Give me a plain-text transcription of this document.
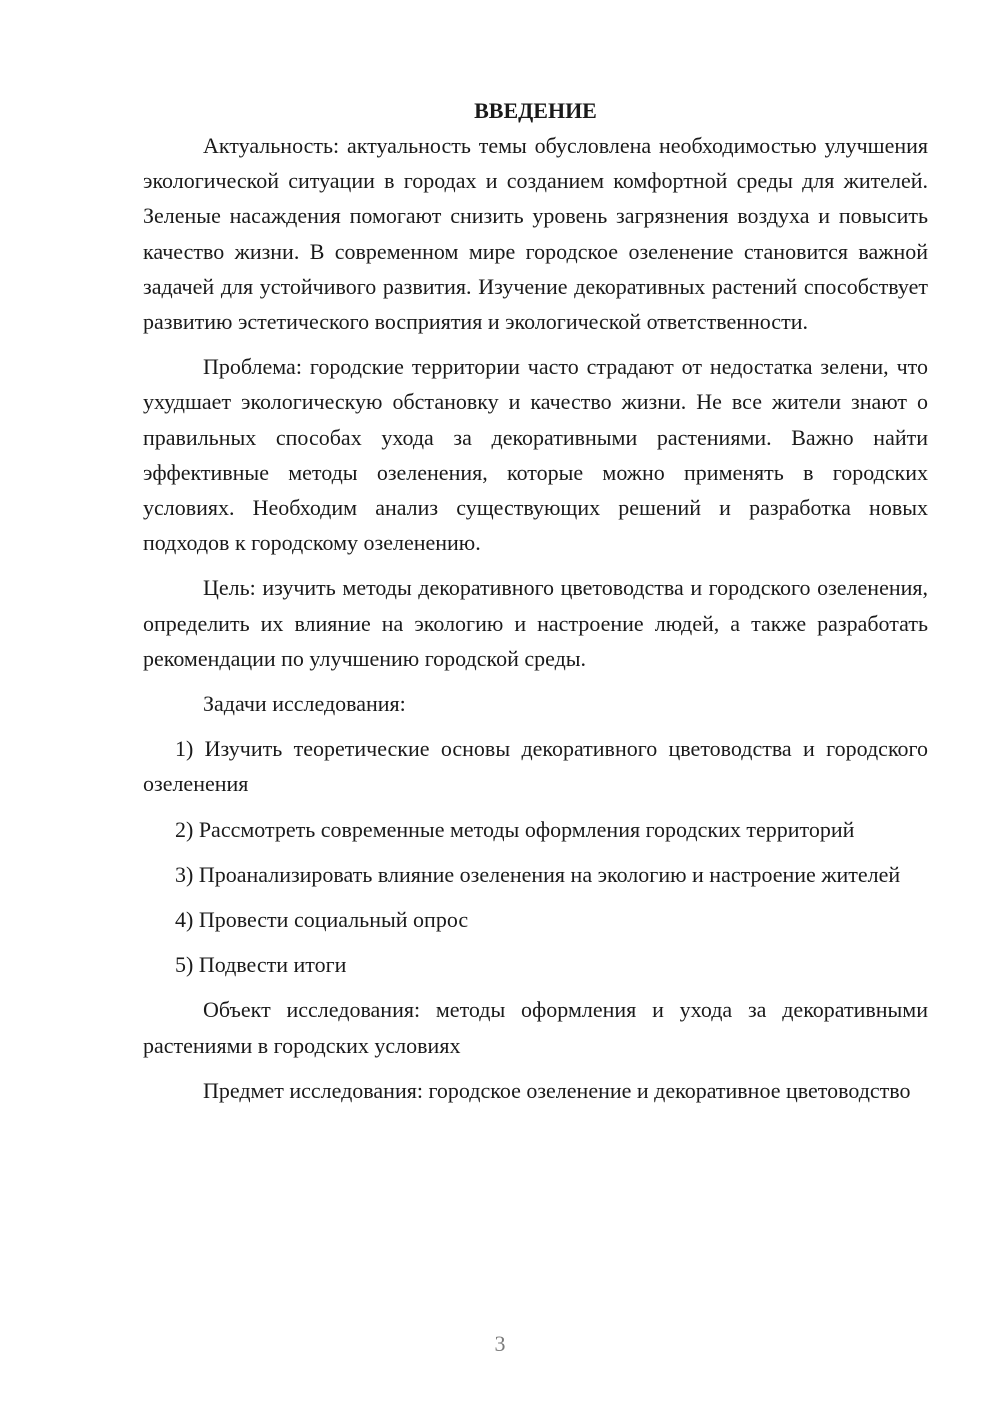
ВВЕДЕНИЕ

Актуальность: актуальность темы обусловлена необходимостью улучшения экологической ситуации в городах и созданием комфортной среды для жителей. Зеленые насаждения помогают снизить уровень загрязнения воздуха и повысить качество жизни. В современном мире городское озеленение становится важной задачей для устойчивого развития. Изучение декоративных растений способствует развитию эстетического восприятия и экологической ответственности.

Проблема: городские территории часто страдают от недостатка зелени, что ухудшает экологическую обстановку и качество жизни. Не все жители знают о правильных способах ухода за декоративными растениями. Важно найти эффективные методы озеленения, которые можно применять в городских условиях. Необходим анализ существующих решений и разработка новых подходов к городскому озеленению.

Цель: изучить методы декоративного цветоводства и городского озеленения, определить их влияние на экологию и настроение людей, а также разработать рекомендации по улучшению городской среды.

Задачи исследования:

1) Изучить теоретические основы декоративного цветоводства и городского озеленения

2) Рассмотреть современные методы оформления городских территорий

3) Проанализировать влияние озеленения на экологию и настроение жителей

4) Провести социальный опрос

5) Подвести итоги

Объект исследования: методы оформления и ухода за декоративными растениями в городских условиях

Предмет исследования: городское озеленение и декоративное цветоводство

3
